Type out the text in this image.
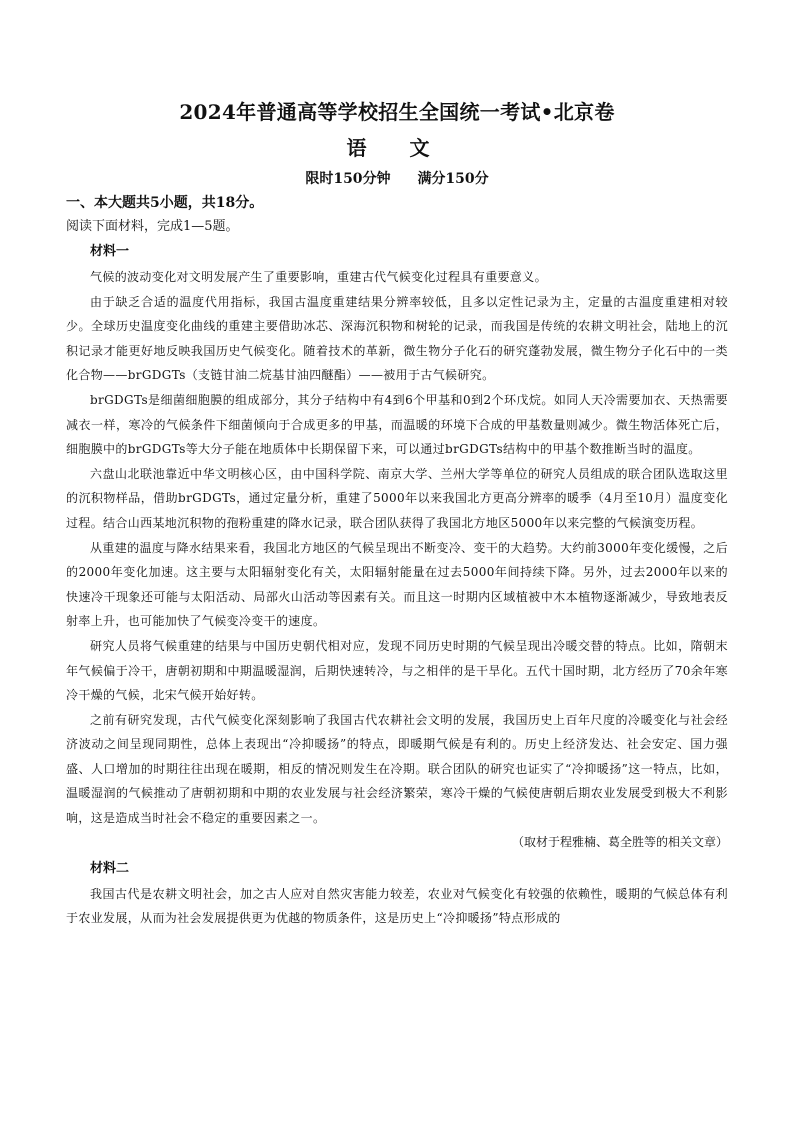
2024年普通高等学校招生全国统一考试•北京卷
语 文
限时150分钟 满分150分
一、本大题共5小题，共18分。
阅读下面材料，完成1—5题。
材料一

气候的波动变化对文明发展产生了重要影响，重建古代气候变化过程具有重要意义。

由于缺乏合适的温度代用指标，我国古温度重建结果分辨率较低，且多以定性记录为主，定量的古温度重建相对较少。全球历史温度变化曲线的重建主要借助冰芯、深海沉积物和树轮的记录，而我国是传统的农耕文明社会，陆地上的沉积记录才能更好地反映我国历史气候变化。随着技术的革新，微生物分子化石的研究蓬勃发展，微生物分子化石中的一类化合物——brGDGTs（支链甘油二烷基甘油四醚酯）——被用于古气候研究。

brGDGTs是细菌细胞膜的组成部分，其分子结构中有4到6个甲基和0到2个环戊烷。如同人天冷需要加衣、天热需要减衣一样，寒冷的气候条件下细菌倾向于合成更多的甲基，而温暖的环境下合成的甲基数量则减少。微生物活体死亡后，细胞膜中的brGDGTs等大分子能在地质体中长期保留下来，可以通过brGDGTs结构中的甲基个数推断当时的温度。

六盘山北联池靠近中华文明核心区，由中国科学院、南京大学、兰州大学等单位的研究人员组成的联合团队选取这里的沉积物样品，借助brGDGTs，通过定量分析，重建了5000年以来我国北方更高分辨率的暖季（4月至10月）温度变化过程。结合山西某地沉积物的孢粉重建的降水记录，联合团队获得了我国北方地区5000年以来完整的气候演变历程。

从重建的温度与降水结果来看，我国北方地区的气候呈现出不断变冷、变干的大趋势。大约前3000年变化缓慢，之后的2000年变化加速。这主要与太阳辐射变化有关，太阳辐射能量在过去5000年间持续下降。另外，过去2000年以来的快速冷干现象还可能与太阳活动、局部火山活动等因素有关。而且这一时期内区域植被中木本植物逐渐减少，导致地表反射率上升，也可能加快了气候变冷变干的速度。

研究人员将气候重建的结果与中国历史朝代相对应，发现不同历史时期的气候呈现出冷暖交替的特点。比如，隋朝末年气候偏于冷干，唐朝初期和中期温暖湿润，后期快速转冷，与之相伴的是干旱化。五代十国时期，北方经历了70余年寒冷干燥的气候，北宋气候开始好转。

之前有研究发现，古代气候变化深刻影响了我国古代农耕社会文明的发展，我国历史上百年尺度的冷暖变化与社会经济波动之间呈现同期性，总体上表现出“冷抑暖扬”的特点，即暖期气候是有利的。历史上经济发达、社会安定、国力强盛、人口增加的时期往往出现在暖期，相反的情况则发生在冷期。联合团队的研究也证实了“冷抑暖扬”这一特点，比如，温暖湿润的气候推动了唐朝初期和中期的农业发展与社会经济繁荣，寒冷干燥的气候使唐朝后期农业发展受到极大不利影响，这是造成当时社会不稳定的重要因素之一。

（取材于程雅楠、葛全胜等的相关文章）
材料二

我国古代是农耕文明社会，加之古人应对自然灾害能力较差，农业对气候变化有较强的依赖性，暖期的气候总体有利于农业发展，从而为社会发展提供更为优越的物质条件，这是历史上“冷抑暖扬”特点形成的
